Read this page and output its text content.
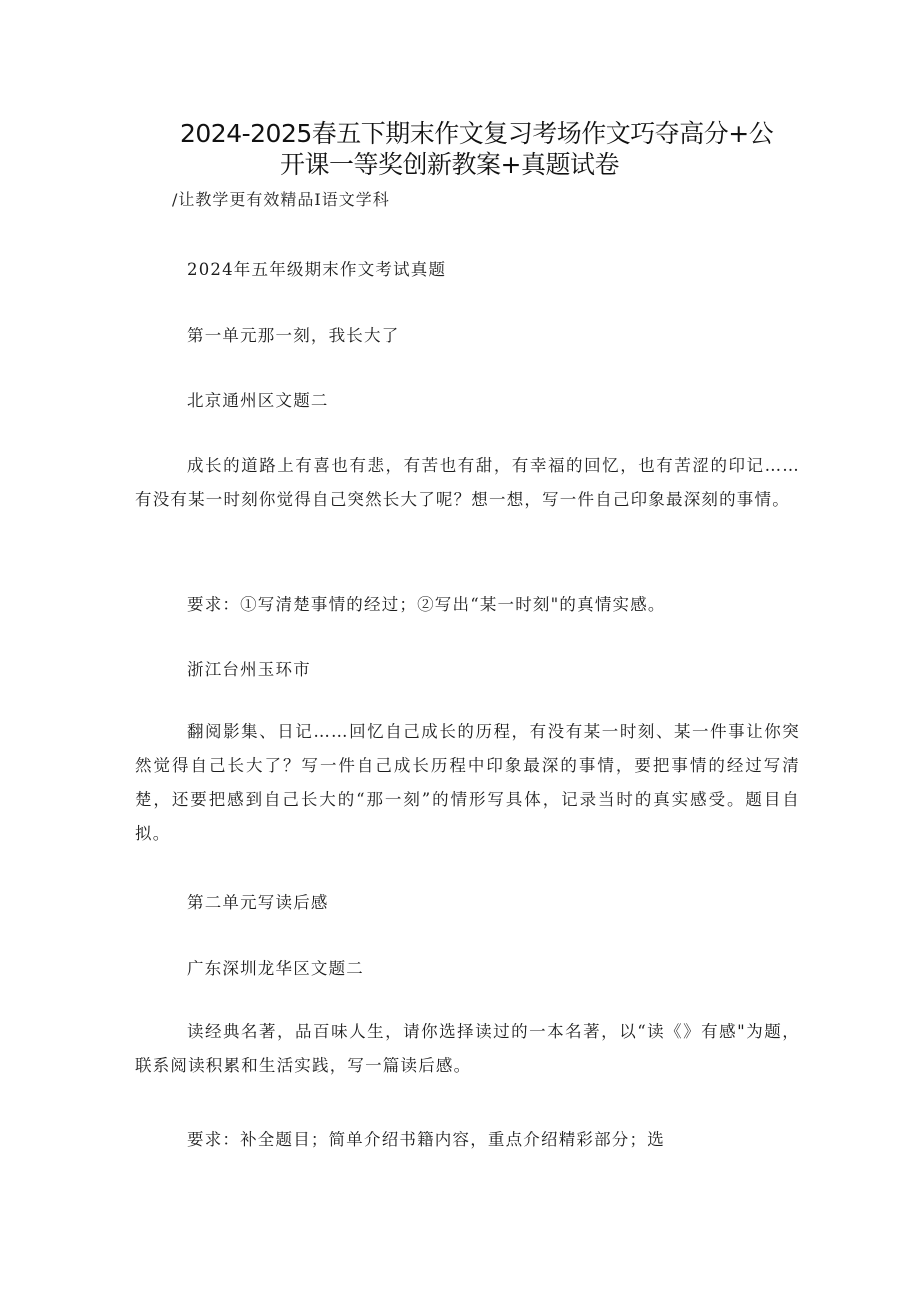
2024-2025春五下期末作文复习考场作文巧夺高分+公
开课一等奖创新教案+真题试卷
/让教学更有效精品I语文学科
2024年五年级期末作文考试真题
第一单元那一刻，我长大了
北京通州区文题二
成长的道路上有喜也有悲，有苦也有甜，有幸福的回忆，也有苦涩的印记……有没有某一时刻你觉得自己突然长大了呢？想一想，写一件自己印象最深刻的事情。
要求：①写清楚事情的经过；②写出“某一时刻"的真情实感。
浙江台州玉环市
翻阅影集、日记……回忆自己成长的历程，有没有某一时刻、某一件事让你突然觉得自己长大了？写一件自己成长历程中印象最深的事情，要把事情的经过写清楚，还要把感到自己长大的“那一刻”的情形写具体，记录当时的真实感受。题目自拟。
第二单元写读后感
广东深圳龙华区文题二
读经典名著，品百味人生，请你选择读过的一本名著，以“读《》有感"为题，联系阅读积累和生活实践，写一篇读后感。
要求：补全题目；简单介绍书籍内容，重点介绍精彩部分；选
